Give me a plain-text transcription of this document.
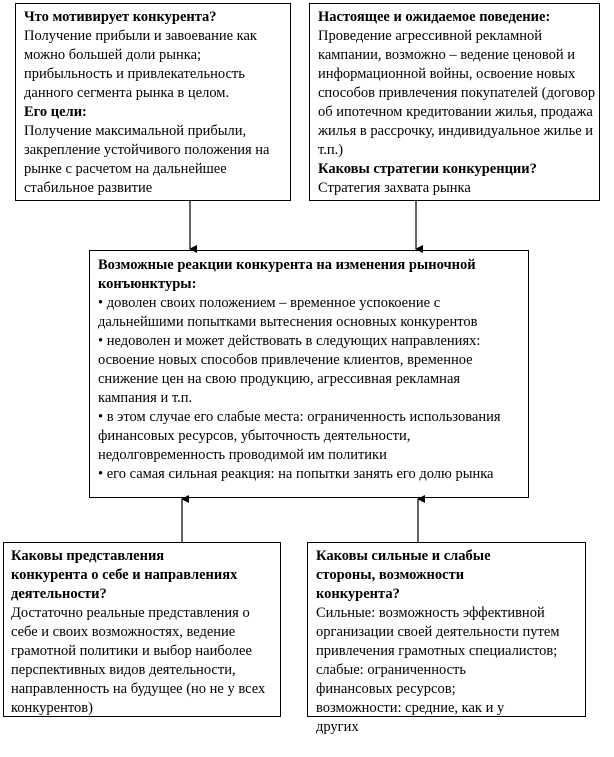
Что мотивирует конкурента?

Получение прибыли и завоевание как можно большей доли рынка; прибыльность и привлекательность данного сегмента рынка в целом.

Его цели:

Получение максимальной прибыли, закрепление устойчивого положения на рынке с расчетом на дальнейшее стабильное развитие

Настоящее и ожидаемое поведение:

Проведение агрессивной рекламной кампании, возможно – ведение ценовой и информационной войны, освоение новых способов привлечения покупателей (договор об ипотечном кредитовании жилья, продажа жилья в рассрочку, индивидуальное жилье и т.п.)

Каковы стратегии конкуренции?

Стратегия захвата рынка

Возможные реакции конкурента на изменения рыночной конъюнктуры:

• доволен своих положением – временное успокоение с дальнейшими попытками вытеснения основных конкурентов

• недоволен и может действовать в следующих направлениях: освоение новых способов привлечение клиентов, временное снижение цен на свою продукцию, агрессивная рекламная кампания и т.п.

• в этом случае его слабые места: ограниченность использования финансовых ресурсов, убыточность деятельности, недолговременность проводимой им политики

• его самая сильная реакция: на попытки занять его долю рынка

Каковы представления конкурента о себе и направлениях деятельности?

Достаточно реальные представления о себе и своих возможностях, ведение грамотной политики и выбор наиболее перспективных видов деятельности, направленность на будущее (но не у всех конкурентов)

Каковы сильные и слабые стороны, возможности конкурента?

Сильные: возможность эффективной организации своей деятельности путем привлечения грамотных специалистов;

слабые: ограниченность финансовых ресурсов;

возможности: средние, как и у других
